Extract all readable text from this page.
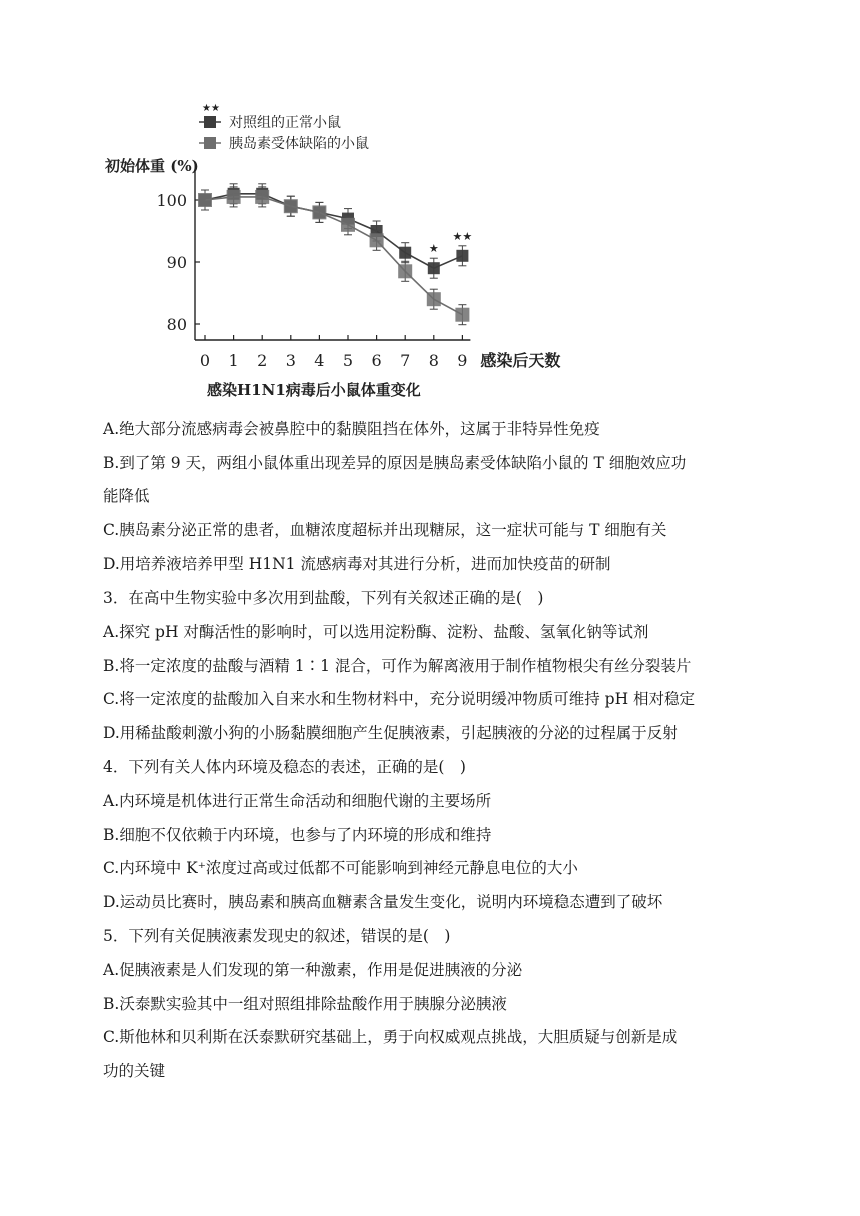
100
90
80
0 1 2 3 4 5 6 7 8 9
初始体重 (%)
感染后天数
感染H1N1病毒后小鼠体重变化
★
★★
★★
对照组的正常小鼠
胰岛素受体缺陷的小鼠
A.绝大部分流感病毒会被鼻腔中的黏膜阻挡在体外，这属于非特异性免疫
B.到了第 9 天，两组小鼠体重出现差异的原因是胰岛素受体缺陷小鼠的 T 细胞效应功
能降低
C.胰岛素分泌正常的患者，血糖浓度超标并出现糖尿，这一症状可能与 T 细胞有关
D.用培养液培养甲型 H1N1 流感病毒对其进行分析，进而加快疫苗的研制
3．在高中生物实验中多次用到盐酸，下列有关叙述正确的是(　)
A.探究 pH 对酶活性的影响时，可以选用淀粉酶、淀粉、盐酸、氢氧化钠等试剂
B.将一定浓度的盐酸与酒精 1∶1 混合，可作为解离液用于制作植物根尖有丝分裂装片
C.将一定浓度的盐酸加入自来水和生物材料中，充分说明缓冲物质可维持 pH 相对稳定
D.用稀盐酸刺激小狗的小肠黏膜细胞产生促胰液素，引起胰液的分泌的过程属于反射
4．下列有关人体内环境及稳态的表述，正确的是(　)
A.内环境是机体进行正常生命活动和细胞代谢的主要场所
B.细胞不仅依赖于内环境，也参与了内环境的形成和维持
C.内环境中 K⁺浓度过高或过低都不可能影响到神经元静息电位的大小
D.运动员比赛时，胰岛素和胰高血糖素含量发生变化，说明内环境稳态遭到了破坏
5．下列有关促胰液素发现史的叙述，错误的是(　)
A.促胰液素是人们发现的第一种激素，作用是促进胰液的分泌
B.沃泰默实验其中一组对照组排除盐酸作用于胰腺分泌胰液
C.斯他林和贝利斯在沃泰默研究基础上，勇于向权威观点挑战，大胆质疑与创新是成
功的关键
